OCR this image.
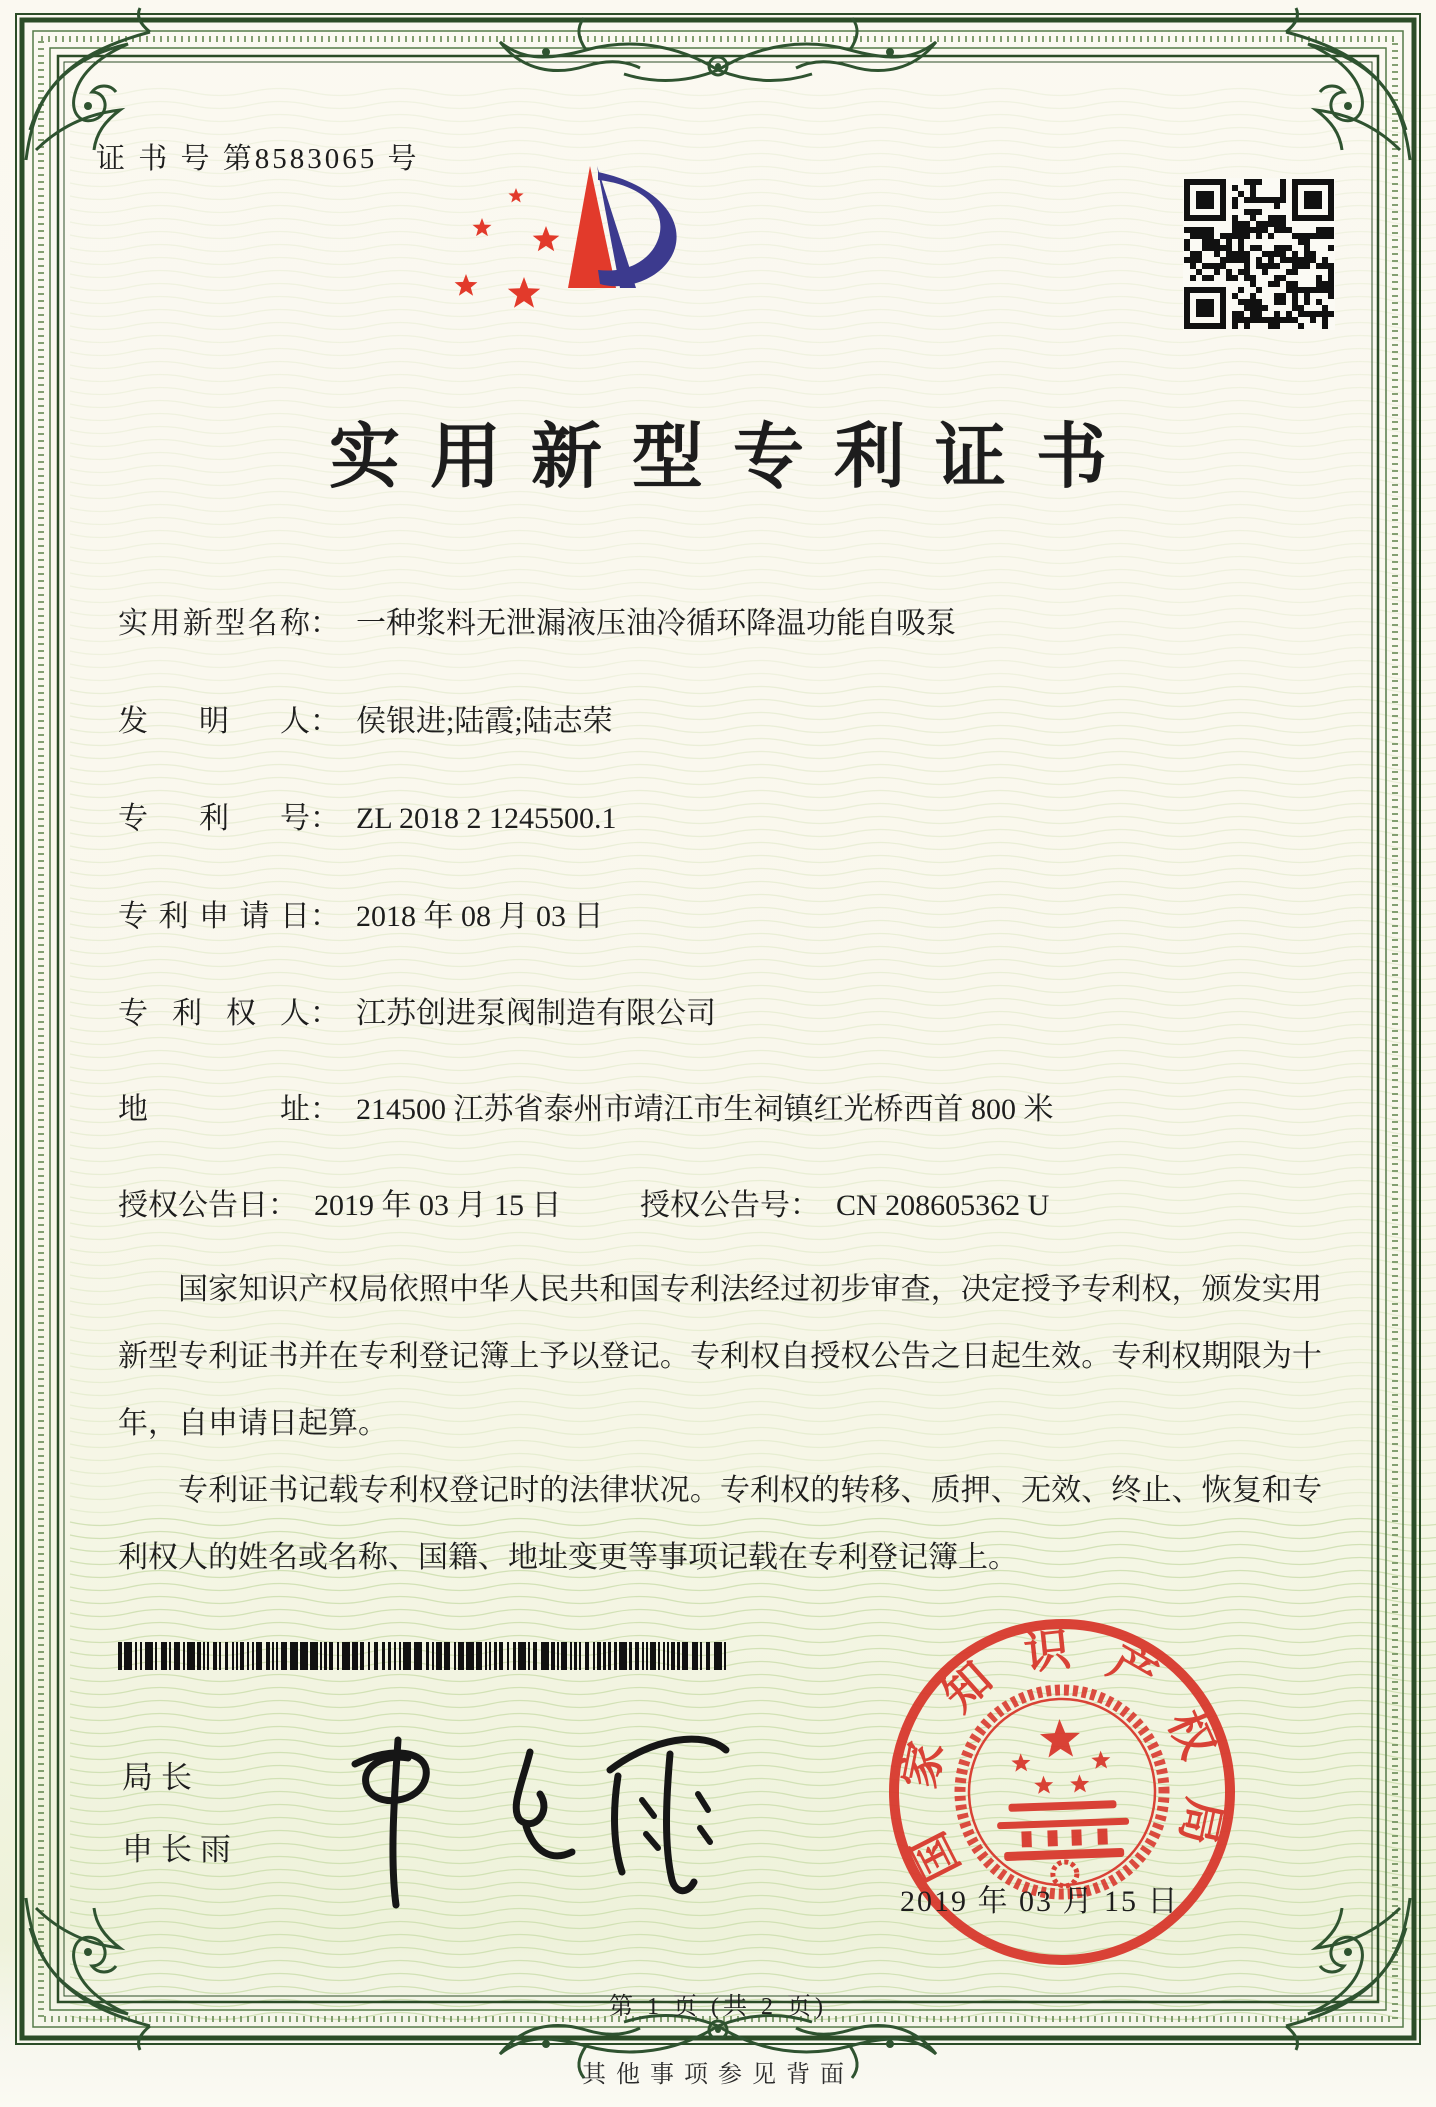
证 书 号 第8583065 号
实用新型专利证书
实用新型名称： 一种浆料无泄漏液压油冷循环降温功能自吸泵
发明人： 侯银进;陆霞;陆志荣
专利号： ZL 2018 2 1245500.1
专利申请日： 2018 年 08 月 03 日
专利权人： 江苏创进泵阀制造有限公司
地址： 214500 江苏省泰州市靖江市生祠镇红光桥西首 800 米
授权公告日： 2019 年 03 月 15 日	授权公告号： CN 208605362 U

国家知识产权局依照中华人民共和国专利法经过初步审查，决定授予专利权，颁发实用新型专利证书并在专利登记簿上予以登记。专利权自授权公告之日起生效。专利权期限为十年，自申请日起算。

专利证书记载专利权登记时的法律状况。专利权的转移、质押、无效、终止、恢复和专利权人的姓名或名称、国籍、地址变更等事项记载在专利登记簿上。

局长
申长雨	国
家
知
识 产
权
局
2019 年 03 月 15 日
第 1 页 (共 2 页)
其他事项参见背面
